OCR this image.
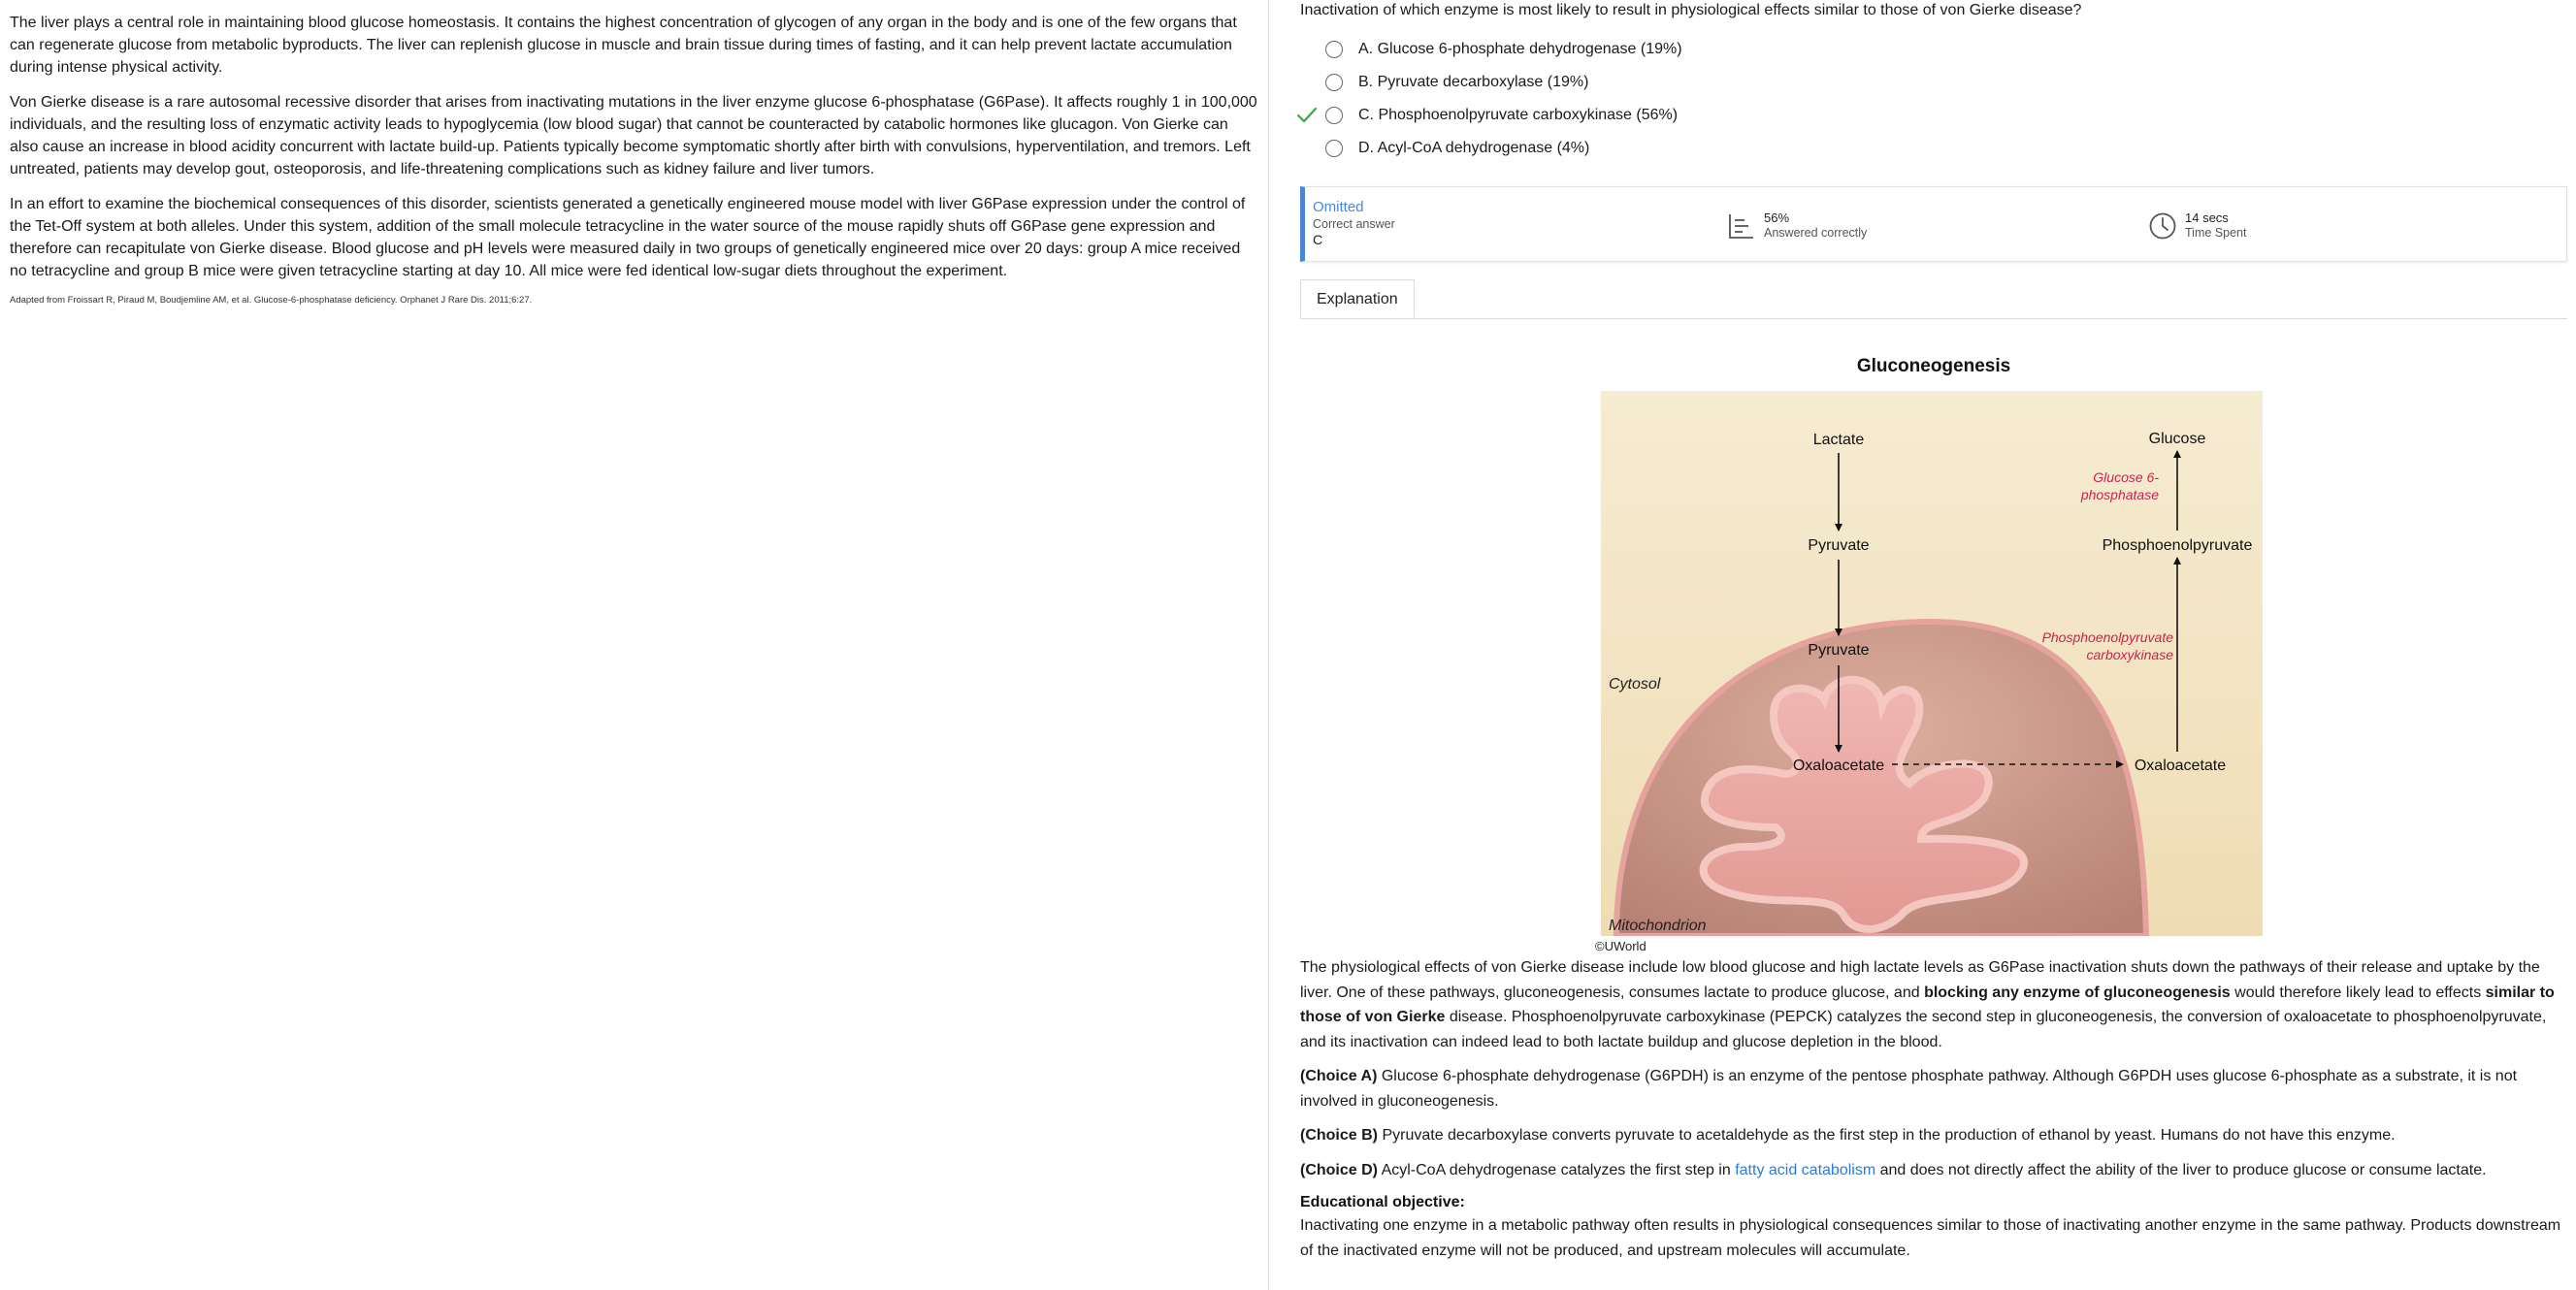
The liver plays a central role in maintaining blood glucose homeostasis. It contains the highest concentration of glycogen of any organ in the body and is one of the few organs that can regenerate glucose from metabolic byproducts. The liver can replenish glucose in muscle and brain tissue during times of fasting, and it can help prevent lactate accumulation during intense physical activity.

Von Gierke disease is a rare autosomal recessive disorder that arises from inactivating mutations in the liver enzyme glucose 6-phosphatase (G6Pase). It affects roughly 1 in 100,000 individuals, and the resulting loss of enzymatic activity leads to hypoglycemia (low blood sugar) that cannot be counteracted by catabolic hormones like glucagon. Von Gierke can also cause an increase in blood acidity concurrent with lactate build-up. Patients typically become symptomatic shortly after birth with convulsions, hyperventilation, and tremors. Left untreated, patients may develop gout, osteoporosis, and life-threatening complications such as kidney failure and liver tumors.

In an effort to examine the biochemical consequences of this disorder, scientists generated a genetically engineered mouse model with liver G6Pase expression under the control of the Tet-Off system at both alleles. Under this system, addition of the small molecule tetracycline in the water source of the mouse rapidly shuts off G6Pase gene expression and therefore can recapitulate von Gierke disease. Blood glucose and pH levels were measured daily in two groups of genetically engineered mice over 20 days: group A mice received no tetracycline and group B mice were given tetracycline starting at day 10. All mice were fed identical low-sugar diets throughout the experiment.

Adapted from Froissart R, Piraud M, Boudjemline AM, et al. Glucose-6-phosphatase deficiency. Orphanet J Rare Dis. 2011;6:27.

Inactivation of which enzyme is most likely to result in physiological effects similar to those of von Gierke disease?
A. Glucose 6-phosphate dehydrogenase (19%)
B. Pyruvate decarboxylase (19%)
C. Phosphoenolpyruvate carboxykinase (56%)
D. Acyl-CoA dehydrogenase (4%)
Omitted
Correct answer
C
56%
Answered correctly
14 secs
Time Spent
Explanation
Gluconeogenesis
Lactate	Glucose
Glucose 6-
phosphatase
Pyruvate	Phosphoenolpyruvate
Pyruvate
Phosphoenolpyruvate
carboxykinase
Cytosol
Oxaloacetate	Oxaloacetate
Mitochondrion
©UWorld

The physiological effects of von Gierke disease include low blood glucose and high lactate levels as G6Pase inactivation shuts down the pathways of their release and uptake by the liver. One of these pathways, gluconeogenesis, consumes lactate to produce glucose, and blocking any enzyme of gluconeogenesis would therefore likely lead to effects similar to those of von Gierke disease. Phosphoenolpyruvate carboxykinase (PEPCK) catalyzes the second step in gluconeogenesis, the conversion of oxaloacetate to phosphoenolpyruvate, and its inactivation can indeed lead to both lactate buildup and glucose depletion in the blood.

(Choice A) Glucose 6-phosphate dehydrogenase (G6PDH) is an enzyme of the pentose phosphate pathway. Although G6PDH uses glucose 6-phosphate as a substrate, it is not involved in gluconeogenesis.

(Choice B) Pyruvate decarboxylase converts pyruvate to acetaldehyde as the first step in the production of ethanol by yeast. Humans do not have this enzyme.

(Choice D) Acyl-CoA dehydrogenase catalyzes the first step in fatty acid catabolism and does not directly affect the ability of the liver to produce glucose or consume lactate.

Educational objective:

Inactivating one enzyme in a metabolic pathway often results in physiological consequences similar to those of inactivating another enzyme in the same pathway. Products downstream of the inactivated enzyme will not be produced, and upstream molecules will accumulate.
